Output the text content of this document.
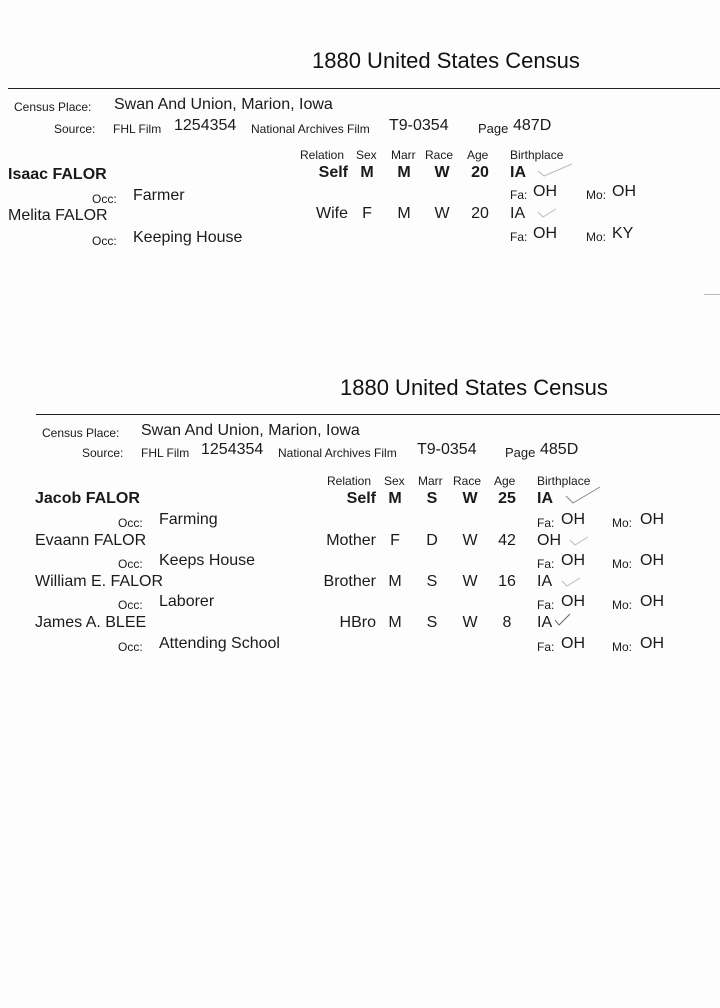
1880 United States Census
Census Place: Swan And Union, Marion, Iowa
Source: FHL Film 1254354 National Archives Film T9-0354 Page 487D
Relation Sex Marr Race Age Birthplace
Isaac FALOR	Self M M W 20 IA
Occ: Farmer	Fa: OH Mo: OH
Melita FALOR	Wife F	M W 20 IA
Occ: Keeping House	Fa: OH Mo: KY
1880 United States Census
Census Place: Swan And Union, Marion, Iowa
Source: FHL Film 1254354 National Archives Film T9-0354 Page 485D
Relation Sex Marr Race Age Birthplace
Jacob FALOR	Self M	S	W 25 IA
Occ: Farming	Fa: OH Mo: OH
Evaann FALOR	Mother F	D	W 42 OH
Occ: Keeps House	Fa: OH Mo: OH
William E. FALOR	Brother M	S	W 16 IA
Occ: Laborer	Fa: OH Mo: OH
James A. BLEE	HBro M	S	W	8	IA
Occ: Attending School	Fa: OH Mo: OH
